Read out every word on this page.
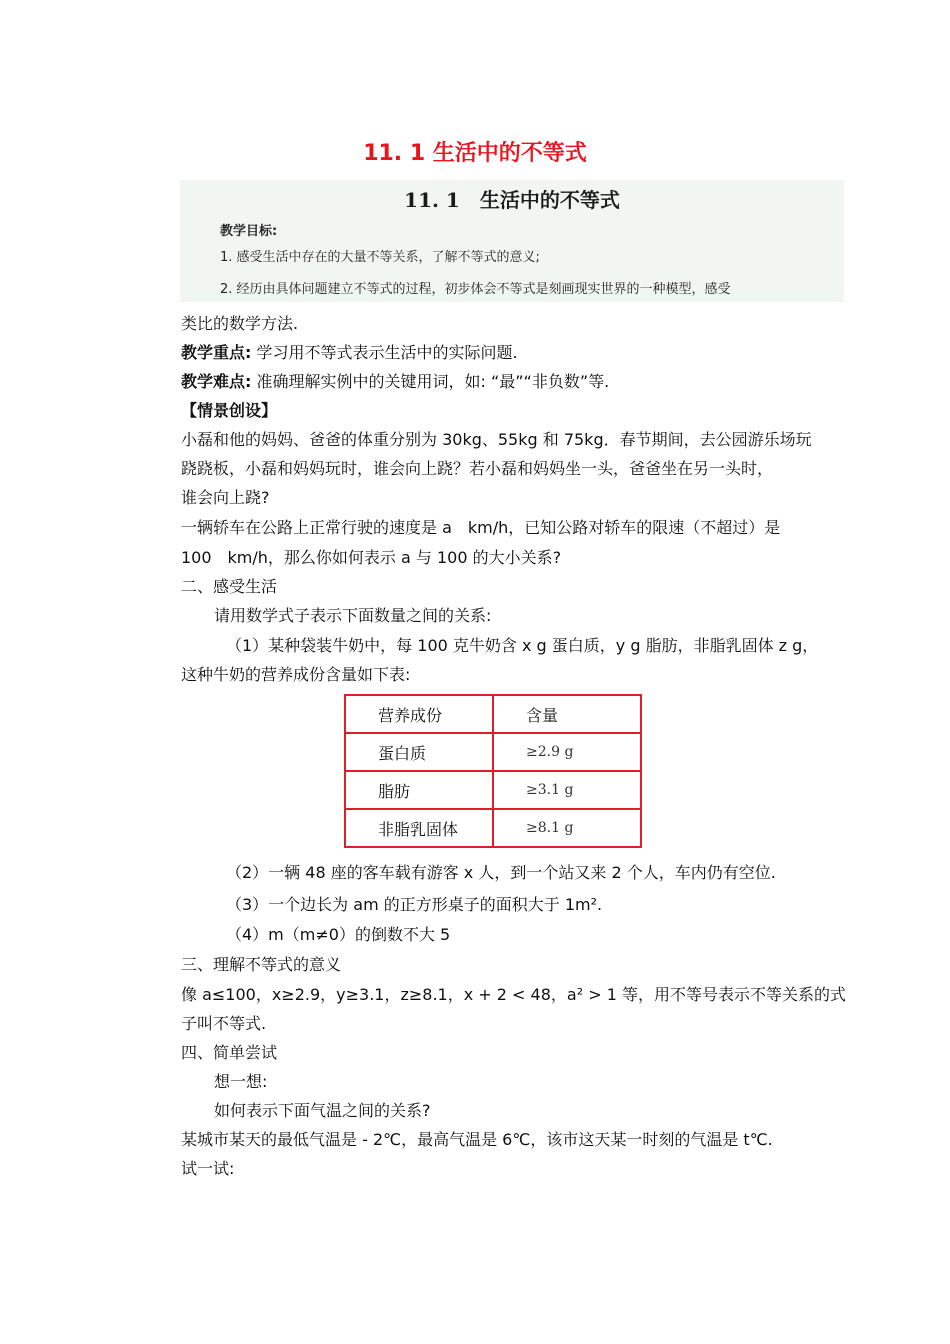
11. 1 生活中的不等式
11. 1　生活中的不等式
教学目标:
1. 感受生活中存在的大量不等关系，了解不等式的意义;
2. 经历由具体问题建立不等式的过程，初步体会不等式是刻画现实世界的一种模型，感受
类比的数学方法.
教学重点: 学习用不等式表示生活中的实际问题.
教学难点: 准确理解实例中的关键用词，如: “最”“非负数”等.
【情景创设】
小磊和他的妈妈、爸爸的体重分别为 30kg、55kg 和 75kg．春节期间，去公园游乐场玩
跷跷板，小磊和妈妈玩时，谁会向上跷？若小磊和妈妈坐一头，爸爸坐在另一头时，
谁会向上跷?
一辆轿车在公路上正常行驶的速度是 a　km/h，已知公路对轿车的限速（不超过）是
100　km/h，那么你如何表示 a 与 100 的大小关系?
二、感受生活
请用数学式子表示下面数量之间的关系:
（1）某种袋装牛奶中，每 100 克牛奶含 x g 蛋白质，y g 脂肪，非脂乳固体 z g，
这种牛奶的营养成份含量如下表:
营养成份	含量
蛋白质	≥2.9 g
脂肪	≥3.1 g
非脂乳固体	≥8.1 g
（2）一辆 48 座的客车载有游客 x 人，到一个站又来 2 个人，车内仍有空位.
（3）一个边长为 am 的正方形桌子的面积大于 1m².
（4）m（m≠0）的倒数不大 5
三、理解不等式的意义
像 a≤100，x≥2.9，y≥3.1，z≥8.1，x + 2 < 48，a² > 1 等，用不等号表示不等关系的式
子叫不等式.
四、简单尝试
想一想:
如何表示下面气温之间的关系?
某城市某天的最低气温是 - 2℃，最高气温是 6℃，该市这天某一时刻的气温是 t℃.
试一试:
